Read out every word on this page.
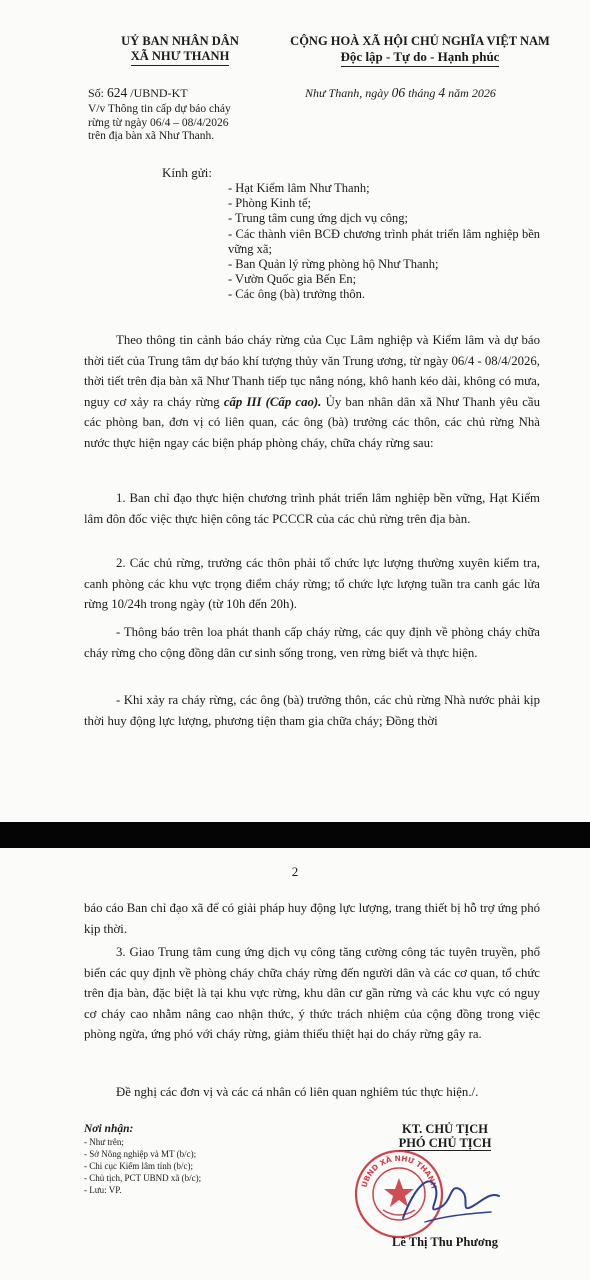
UỶ BAN NHÂN DÂN
XÃ NHƯ THANH
CỘNG HOÀ XÃ HỘI CHỦ NGHĨA VIỆT NAM
Độc lập - Tự do - Hạnh phúc
Số: 624 /UBND-KT	Như Thanh, ngày 06 tháng 4 năm 2026
V/v Thông tin cấp dự báo cháy
rừng từ ngày 06/4 – 08/4/2026
trên địa bàn xã Như Thanh.
Kính gửi:
- Hạt Kiểm lâm Như Thanh;
- Phòng Kinh tế;
- Trung tâm cung ứng dịch vụ công;
- Các thành viên BCĐ chương trình phát triển lâm nghiệp bền vững xã;
- Ban Quản lý rừng phòng hộ Như Thanh;
- Vườn Quốc gia Bến En;
- Các ông (bà) trưởng thôn.
Theo thông tin cảnh báo cháy rừng của Cục Lâm nghiệp và Kiểm lâm và dự báo thời tiết của Trung tâm dự báo khí tượng thủy văn Trung ương, từ ngày 06/4 - 08/4/2026, thời tiết trên địa bàn xã Như Thanh tiếp tục nắng nóng, khô hanh kéo dài, không có mưa, nguy cơ xảy ra cháy rừng cấp III (Cấp cao). Ủy ban nhân dân xã Như Thanh yêu cầu các phòng ban, đơn vị có liên quan, các ông (bà) trưởng các thôn, các chủ rừng Nhà nước thực hiện ngay các biện pháp phòng cháy, chữa cháy rừng sau:
1. Ban chỉ đạo thực hiện chương trình phát triển lâm nghiệp bền vững, Hạt Kiểm lâm đôn đốc việc thực hiện công tác PCCCR của các chủ rừng trên địa bàn.
2. Các chủ rừng, trưởng các thôn phải tổ chức lực lượng thường xuyên kiểm tra, canh phòng các khu vực trọng điểm cháy rừng; tổ chức lực lượng tuần tra canh gác lửa rừng 10/24h trong ngày (từ 10h đến 20h).
- Thông báo trên loa phát thanh cấp cháy rừng, các quy định về phòng cháy chữa cháy rừng cho cộng đồng dân cư sinh sống trong, ven rừng biết và thực hiện.
- Khi xảy ra cháy rừng, các ông (bà) trưởng thôn, các chủ rừng Nhà nước phải kịp thời huy động lực lượng, phương tiện tham gia chữa cháy; Đồng thời
2
báo cáo Ban chỉ đạo xã để có giải pháp huy động lực lượng, trang thiết bị hỗ trợ ứng phó kịp thời.
3. Giao Trung tâm cung ứng dịch vụ công tăng cường công tác tuyên truyền, phổ biến các quy định về phòng cháy chữa cháy rừng đến người dân và các cơ quan, tổ chức trên địa bàn, đặc biệt là tại khu vực rừng, khu dân cư gần rừng và các khu vực có nguy cơ cháy cao nhằm nâng cao nhận thức, ý thức trách nhiệm của cộng đồng trong việc phòng ngừa, ứng phó với cháy rừng, giảm thiểu thiệt hại do cháy rừng gây ra.
Đề nghị các đơn vị và các cá nhân có liên quan nghiêm túc thực hiện./.
Nơi nhận:
- Như trên;
- Sở Nông nghiệp và MT (b/c);
- Chi cục Kiểm lâm tỉnh (b/c);
- Chủ tịch, PCT UBND xã (b/c);
- Lưu: VP.
KT. CHỦ TỊCH
PHÓ CHỦ TỊCH
UBND XÃ NHƯ THANH
Lê Thị Thu Phương
